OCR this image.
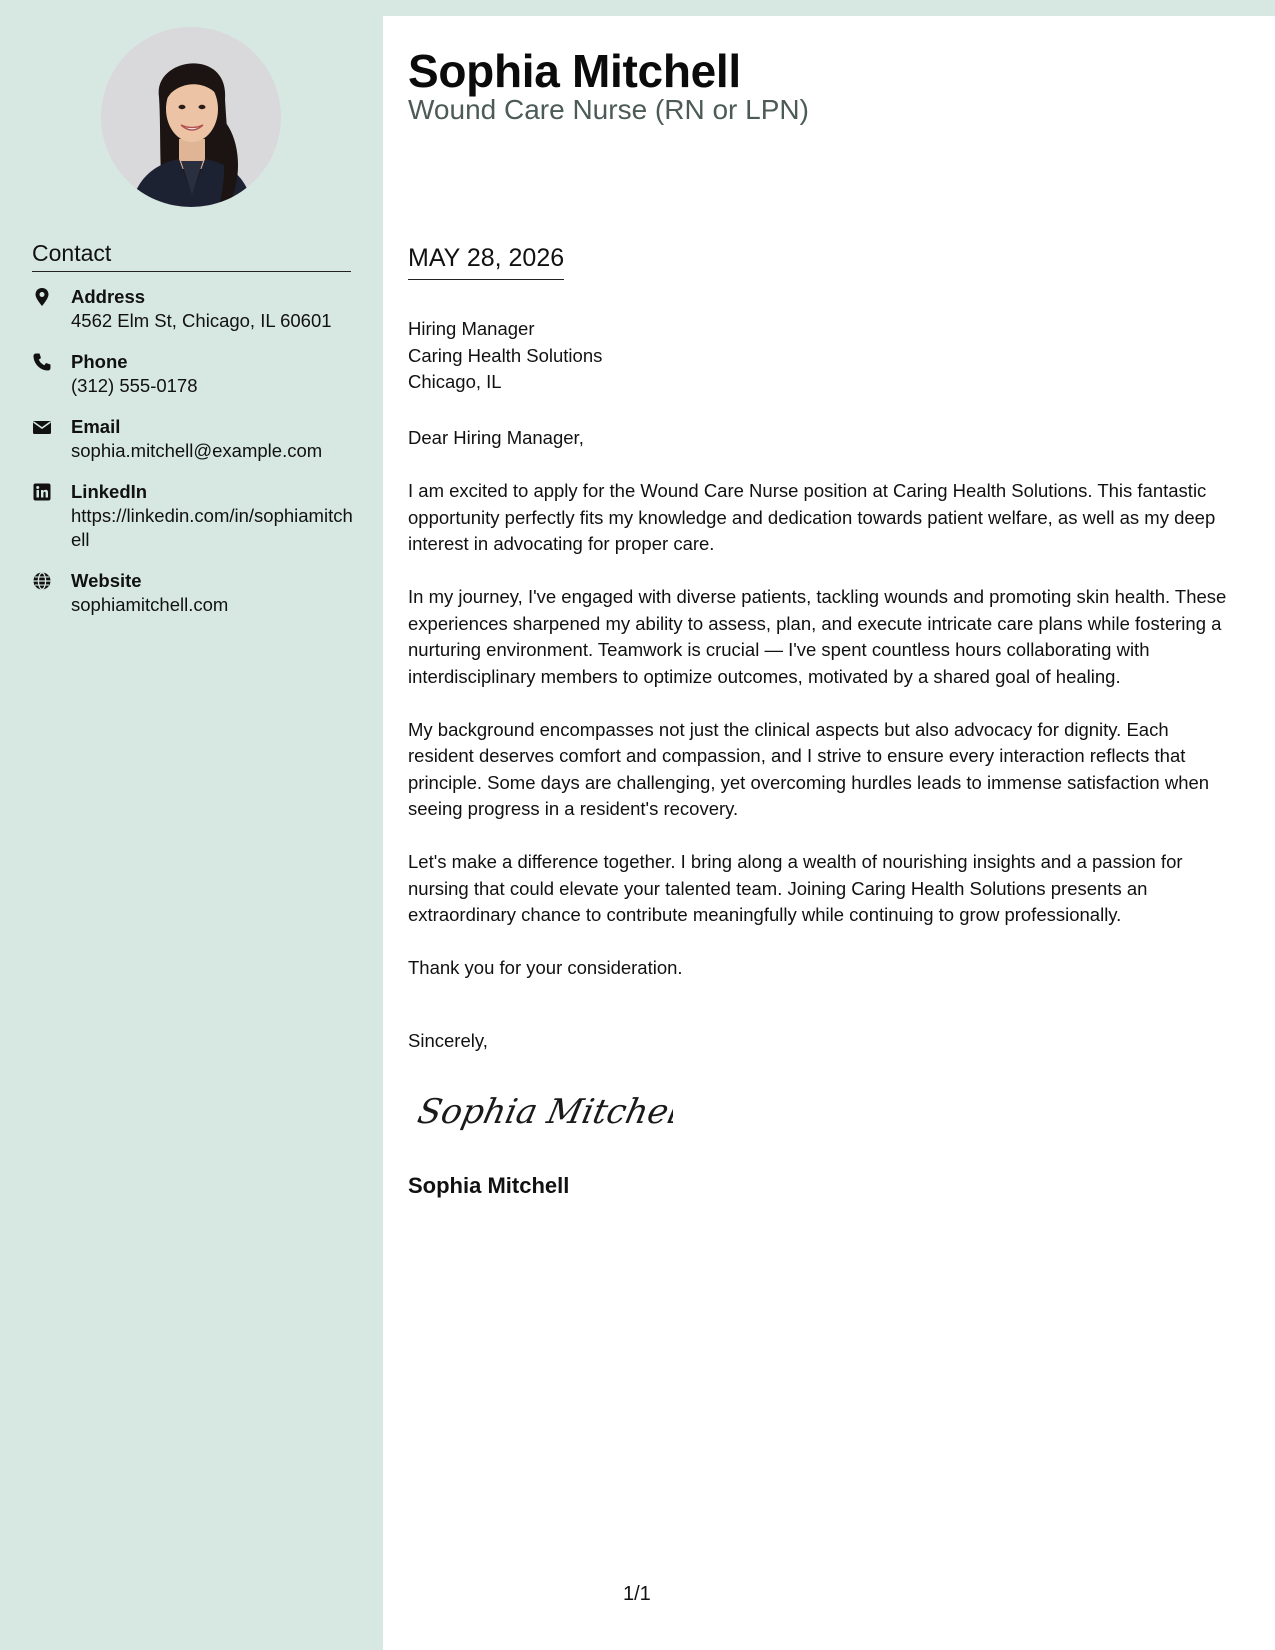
Contact
Address
4562 Elm St, Chicago, IL 60601
Phone
(312) 555-0178
Email
sophia.mitchell@example.com
LinkedIn
https://linkedin.com/in/sophiamitchell
Website
sophiamitchell.com
Sophia Mitchell
Wound Care Nurse (RN or LPN)
MAY 28, 2026
Hiring Manager
Caring Health Solutions
Chicago, IL

Dear Hiring Manager,

I am excited to apply for the Wound Care Nurse position at Caring Health Solutions. This fantastic opportunity perfectly fits my knowledge and dedication towards patient welfare, as well as my deep interest in advocating for proper care.

In my journey, I've engaged with diverse patients, tackling wounds and promoting skin health. These experiences sharpened my ability to assess, plan, and execute intricate care plans while fostering a nurturing environment. Teamwork is crucial — I've spent countless hours collaborating with interdisciplinary members to optimize outcomes, motivated by a shared goal of healing.

My background encompasses not just the clinical aspects but also advocacy for dignity. Each resident deserves comfort and compassion, and I strive to ensure every interaction reflects that principle. Some days are challenging, yet overcoming hurdles leads to immense satisfaction when seeing progress in a resident's recovery.

Let's make a difference together. I bring along a wealth of nourishing insights and a passion for nursing that could elevate your talented team. Joining Caring Health Solutions presents an extraordinary chance to contribute meaningfully while continuing to grow professionally.

Thank you for your consideration.

Sincerely,
Sophia Mitchell
Sophia Mitchell
1/1
